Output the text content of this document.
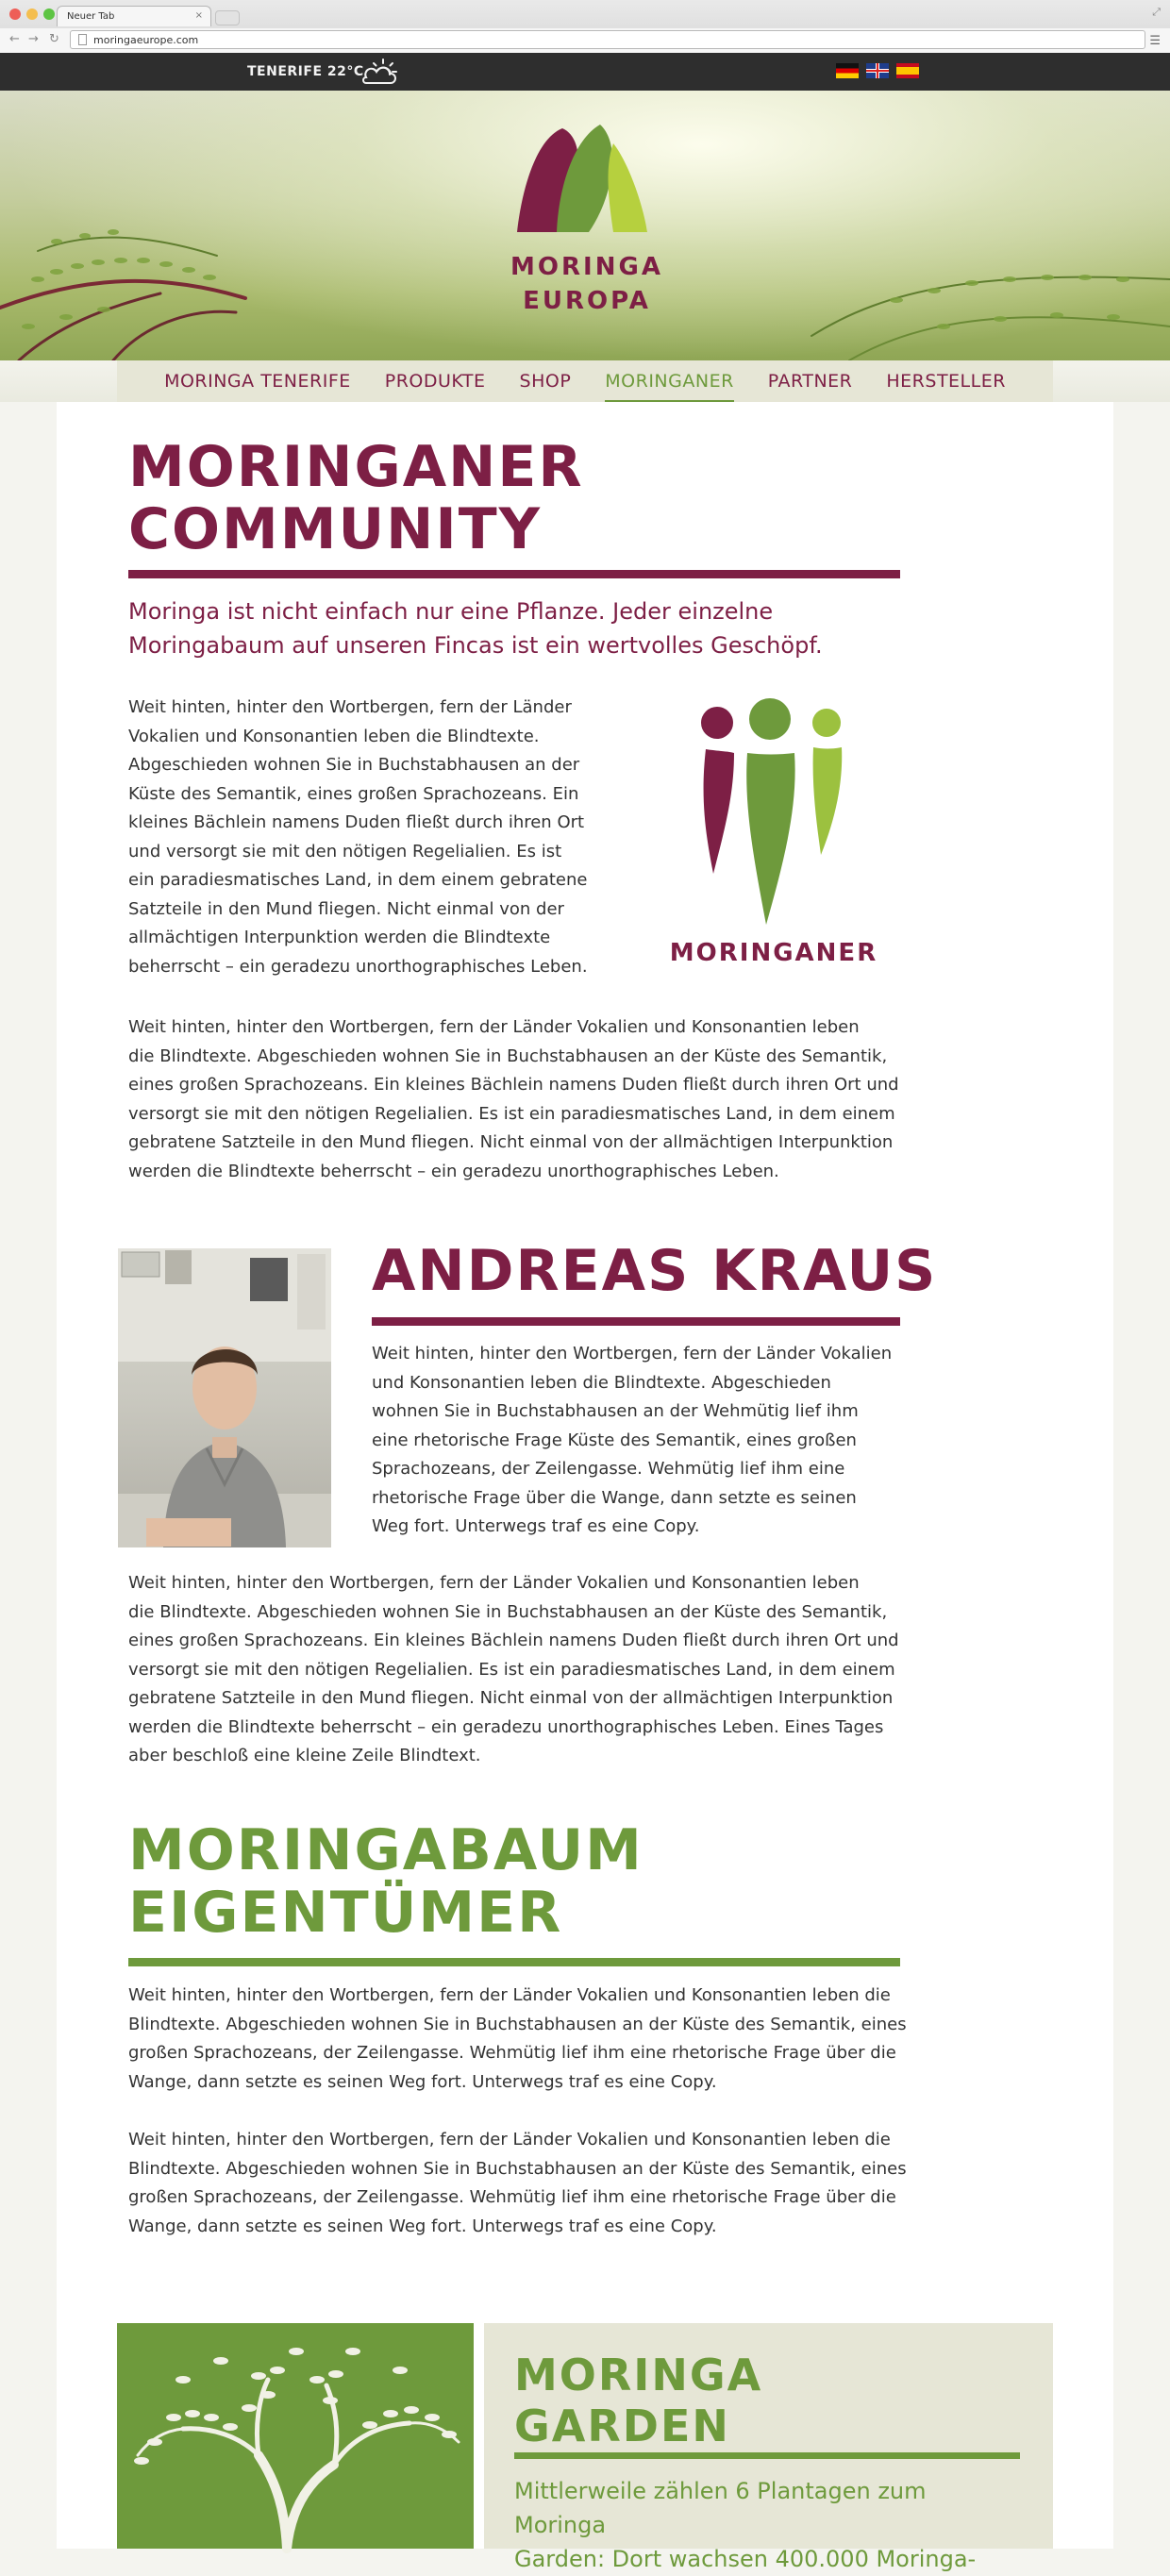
Neuer Tab	×	⤢
← → ↻	moringaeurope.com	☰
TENERIFE 22°C
MORINGA
EUROPA
MORINGA TENERIFE PRODUKTE SHOP MORINGANER PARTNER HERSTELLER
MORINGANER
COMMUNITY
Moringa ist nicht einfach nur eine Pflanze. Jeder einzelne
Moringabaum auf unseren Fincas ist ein wertvolles Geschöpf.
Weit hinten, hinter den Wortbergen, fern der Länder
Vokalien und Konsonantien leben die Blindtexte.
Abgeschieden wohnen Sie in Buchstabhausen an der
Küste des Semantik, eines großen Sprachozeans. Ein
kleines Bächlein namens Duden fließt durch ihren Ort
und versorgt sie mit den nötigen Regelialien. Es ist
ein paradiesmatisches Land, in dem einem gebratene
Satzteile in den Mund fliegen. Nicht einmal von der
allmächtigen Interpunktion werden die Blindtexte
beherrscht – ein geradezu unorthographisches Leben.	MORINGANER
Weit hinten, hinter den Wortbergen, fern der Länder Vokalien und Konsonantien leben
die Blindtexte. Abgeschieden wohnen Sie in Buchstabhausen an der Küste des Semantik,
eines großen Sprachozeans. Ein kleines Bächlein namens Duden fließt durch ihren Ort und
versorgt sie mit den nötigen Regelialien. Es ist ein paradiesmatisches Land, in dem einem
gebratene Satzteile in den Mund fliegen. Nicht einmal von der allmächtigen Interpunktion
werden die Blindtexte beherrscht – ein geradezu unorthographisches Leben.
ANDREAS KRAUS
Weit hinten, hinter den Wortbergen, fern der Länder Vokalien
und Konsonantien leben die Blindtexte. Abgeschieden
wohnen Sie in Buchstabhausen an der Wehmütig lief ihm
eine rhetorische Frage Küste des Semantik, eines großen
Sprachozeans, der Zeilengasse. Wehmütig lief ihm eine
rhetorische Frage über die Wange, dann setzte es seinen
Weg fort. Unterwegs traf es eine Copy.
Weit hinten, hinter den Wortbergen, fern der Länder Vokalien und Konsonantien leben
die Blindtexte. Abgeschieden wohnen Sie in Buchstabhausen an der Küste des Semantik,
eines großen Sprachozeans. Ein kleines Bächlein namens Duden fließt durch ihren Ort und
versorgt sie mit den nötigen Regelialien. Es ist ein paradiesmatisches Land, in dem einem
gebratene Satzteile in den Mund fliegen. Nicht einmal von der allmächtigen Interpunktion
werden die Blindtexte beherrscht – ein geradezu unorthographisches Leben. Eines Tages
aber beschloß eine kleine Zeile Blindtext.
MORINGABAUM
EIGENTÜMER
Weit hinten, hinter den Wortbergen, fern der Länder Vokalien und Konsonantien leben die
Blindtexte. Abgeschieden wohnen Sie in Buchstabhausen an der Küste des Semantik, eines
großen Sprachozeans, der Zeilengasse. Wehmütig lief ihm eine rhetorische Frage über die
Wange, dann setzte es seinen Weg fort. Unterwegs traf es eine Copy.
Weit hinten, hinter den Wortbergen, fern der Länder Vokalien und Konsonantien leben die
Blindtexte. Abgeschieden wohnen Sie in Buchstabhausen an der Küste des Semantik, eines
großen Sprachozeans, der Zeilengasse. Wehmütig lief ihm eine rhetorische Frage über die
Wange, dann setzte es seinen Weg fort. Unterwegs traf es eine Copy.
MORINGA
GARDEN
Mittlerweile zählen 6 Plantagen zum Moringa
Garden: Dort wachsen 400.000 Moringa-
